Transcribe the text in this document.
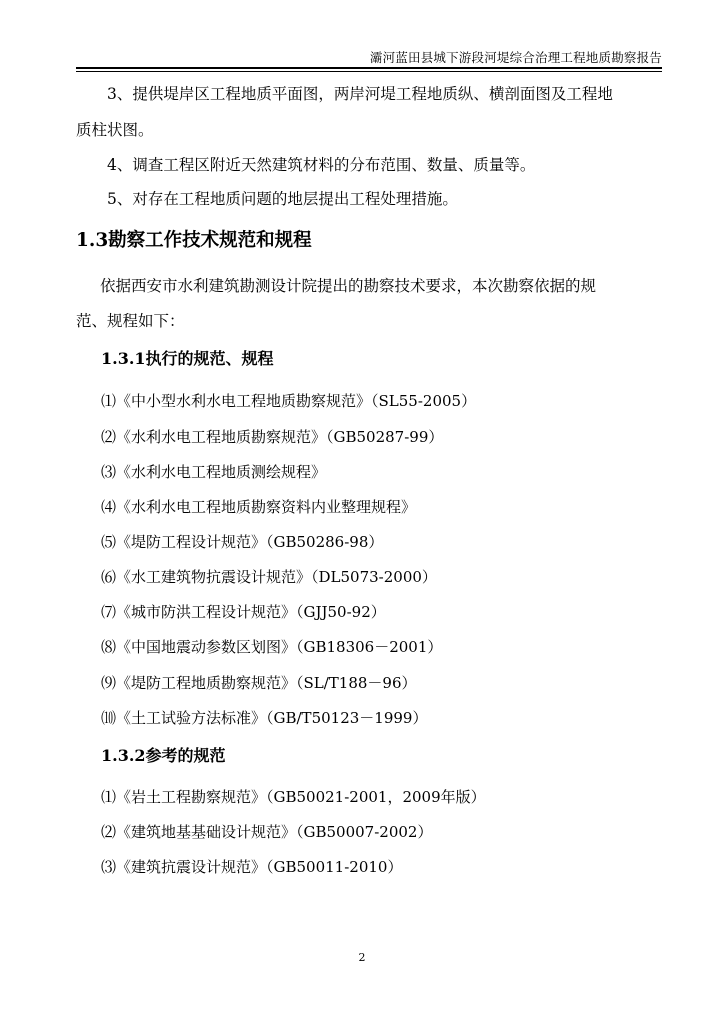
灞河蓝田县城下游段河堤综合治理工程地质勘察报告
3、提供堤岸区工程地质平面图，两岸河堤工程地质纵、横剖面图及工程地
质柱状图。
4、调查工程区附近天然建筑材料的分布范围、数量、质量等。
5、对存在工程地质问题的地层提出工程处理措施。
1.3勘察工作技术规范和规程
依据西安市水利建筑勘测设计院提出的勘察技术要求，本次勘察依据的规
范、规程如下：
1.3.1执行的规范、规程
⑴《中小型水利水电工程地质勘察规范》（SL55-2005）
⑵《水利水电工程地质勘察规范》（GB50287-99）
⑶《水利水电工程地质测绘规程》
⑷《水利水电工程地质勘察资料内业整理规程》
⑸《堤防工程设计规范》（GB50286-98）
⑹《水工建筑物抗震设计规范》（DL5073-2000）
⑺《城市防洪工程设计规范》（GJJ50-92）
⑻《中国地震动参数区划图》（GB18306－2001）
⑼《堤防工程地质勘察规范》（SL/T188－96）
⑽《土工试验方法标准》（GB/T50123－1999）
1.3.2参考的规范
⑴《岩土工程勘察规范》（GB50021-2001，2009年版）
⑵《建筑地基基础设计规范》（GB50007-2002）
⑶《建筑抗震设计规范》（GB50011-2010）
2
